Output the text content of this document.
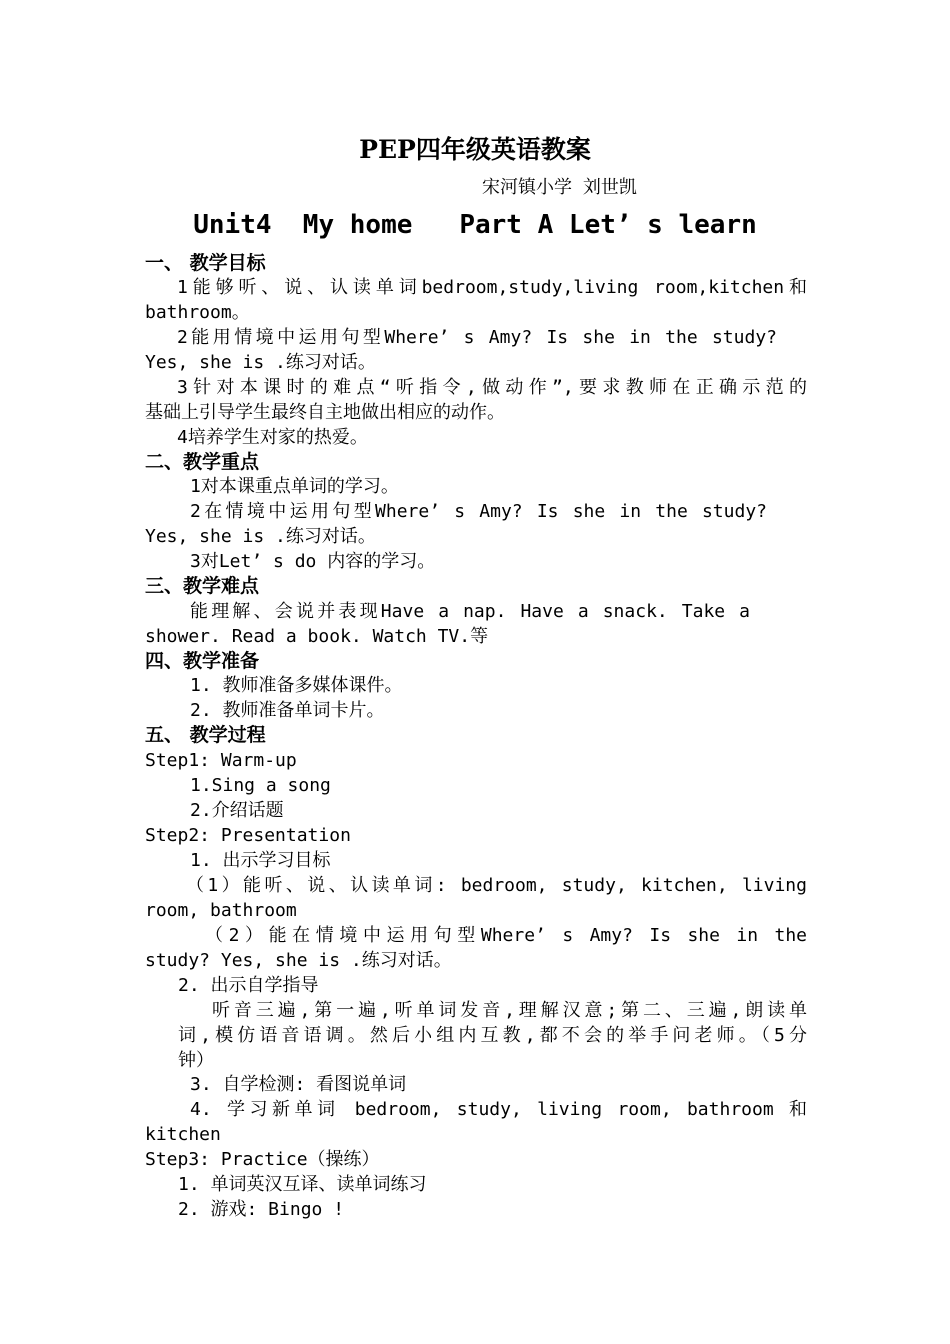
PEP四年级英语教案
宋河镇小学 刘世凯
Unit4  My home   Part A Let’ s learn
一、 教学目标
1能够听、说、认读单词bedroom,study,living room,kitchen和
bathroom。
2能用情境中运用句型Where’ s Amy? Is she in the study?
Yes, she is .练习对话。
3针对本课时的难点“听指令,做动作”,要求教师在正确示范的
基础上引导学生最终自主地做出相应的动作。
4培养学生对家的热爱。
二、教学重点
1对本课重点单词的学习。
2在情境中运用句型Where’ s Amy? Is she in the study?
Yes, she is .练习对话。
3对Let’ s do 内容的学习。
三、教学难点
能理解、会说并表现Have a nap. Have a snack. Take a
shower. Read a book. Watch TV.等
四、教学准备
1. 教师准备多媒体课件。
2. 教师准备单词卡片。
五、 教学过程
Step1: Warm-up
1.Sing a song
2.介绍话题
Step2: Presentation
1. 出示学习目标
（1）能听、说、认读单词: bedroom, study, kitchen, living
room, bathroom
（2）能在情境中运用句型Where’ s Amy? Is she in the
study? Yes, she is .练习对话。
2. 出示自学指导
听音三遍,第一遍,听单词发音,理解汉意;第二、三遍,朗读单
词,模仿语音语调。然后小组内互教,都不会的举手问老师。（5分
钟）
3. 自学检测: 看图说单词
4. 学习新单词 bedroom, study, living room, bathroom 和
kitchen
Step3: Practice（操练）
1. 单词英汉互译、读单词练习
2. 游戏: Bingo !
